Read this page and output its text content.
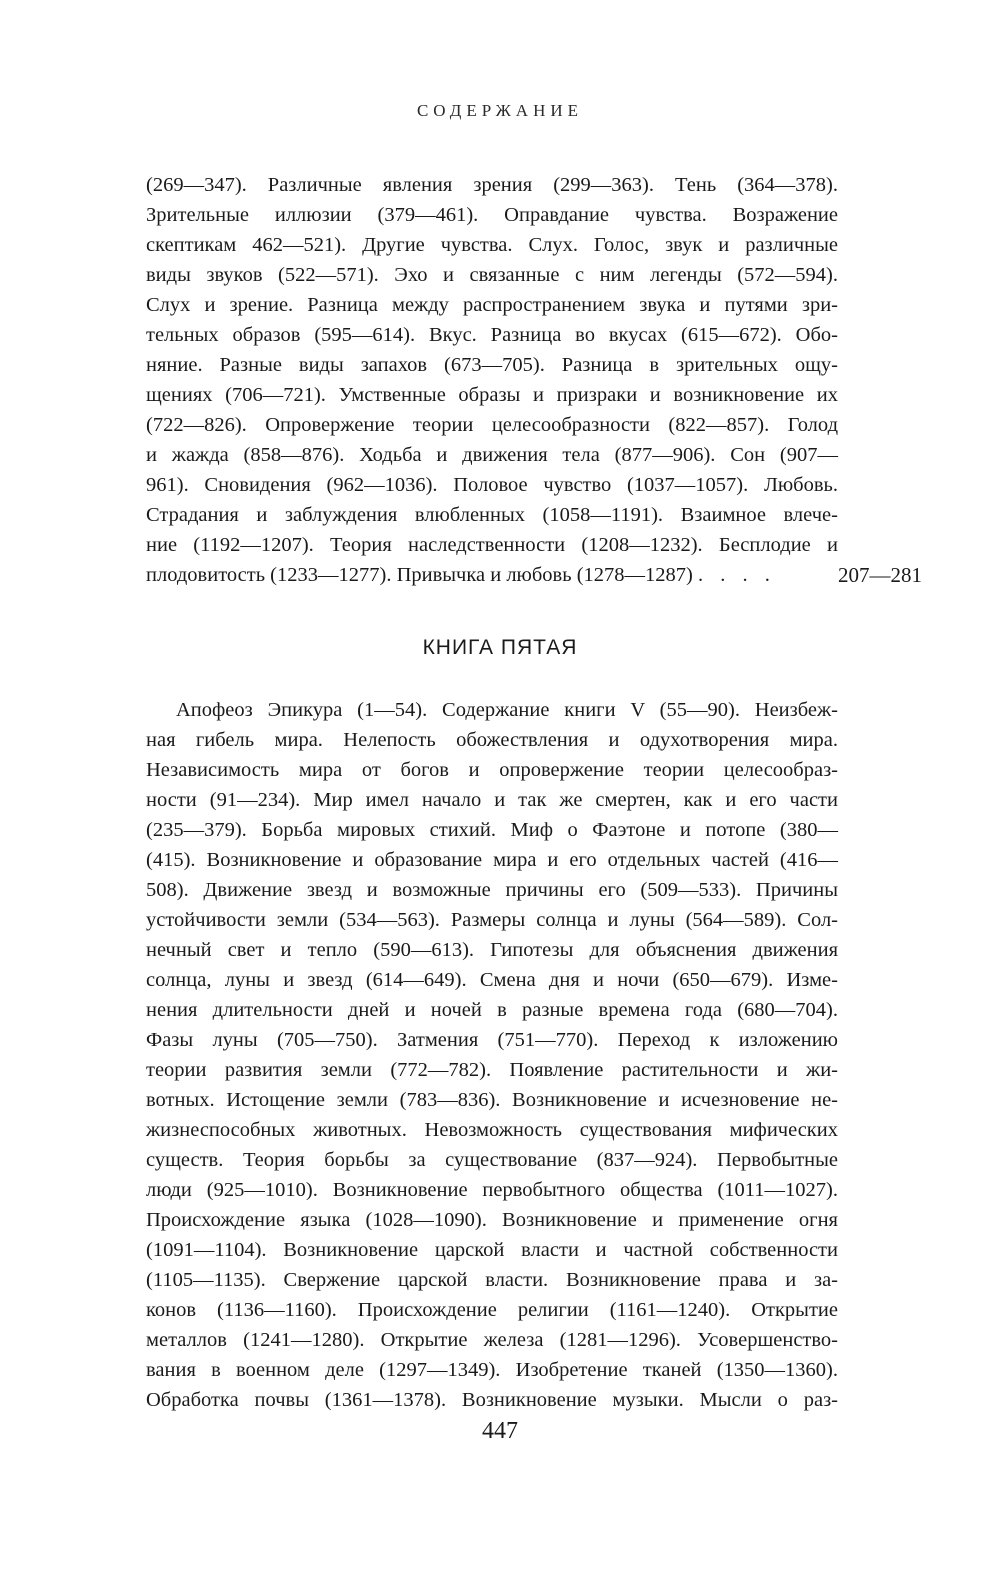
СОДЕРЖАНИЕ
(269—347). Различные явления зрения (299—363). Тень (364—378).
Зрительные иллюзии (379—461). Оправдание чувства. Возражение
скептикам 462—521). Другие чувства. Слух. Голос, звук и различные
виды звуков (522—571). Эхо и связанные с ним легенды (572—594).
Слух и зрение. Разница между распространением звука и путями зри-
тельных образов (595—614). Вкус. Разница во вкусах (615—672). Обо-
няние. Разные виды запахов (673—705). Разница в зрительных ощу-
щениях (706—721). Умственные образы и призраки и возникновение их
(722—826). Опровержение теории целесообразности (822—857). Голод
и жажда (858—876). Ходьба и движения тела (877—906). Сон (907—
961). Сновидения (962—1036). Половое чувство (1037—1057). Любовь.
Страдания и заблуждения влюбленных (1058—1191). Взаимное влече-
ние (1192—1207). Теория наследственности (1208—1232). Бесплодие и
плодовитость (1233—1277). Привычка и любовь (1278—1287) . . . .	207—281
КНИГА ПЯТАЯ
Апофеоз Эпикура (1—54). Содержание книги V (55—90). Неизбеж-
ная гибель мира. Нелепость обожествления и одухотворения мира.
Независимость мира от богов и опровержение теории целесообраз-
ности (91—234). Мир имел начало и так же смертен, как и его части
(235—379). Борьба мировых стихий. Миф о Фаэтоне и потопе (380—
(415). Возникновение и образование мира и его отдельных частей (416—
508). Движение звезд и возможные причины его (509—533). Причины
устойчивости земли (534—563). Размеры солнца и луны (564—589). Сол-
нечный свет и тепло (590—613). Гипотезы для объяснения движения
солнца, луны и звезд (614—649). Смена дня и ночи (650—679). Изме-
нения длительности дней и ночей в разные времена года (680—704).
Фазы луны (705—750). Затмения (751—770). Переход к изложению
теории развития земли (772—782). Появление растительности и жи-
вотных. Истощение земли (783—836). Возникновение и исчезновение не-
жизнеспособных животных. Невозможность существования мифических
существ. Теория борьбы за существование (837—924). Первобытные
люди (925—1010). Возникновение первобытного общества (1011—1027).
Происхождение языка (1028—1090). Возникновение и применение огня
(1091—1104). Возникновение царской власти и частной собственности
(1105—1135). Свержение царской власти. Возникновение права и за-
конов (1136—1160). Происхождение религии (1161—1240). Открытие
металлов (1241—1280). Открытие железа (1281—1296). Усовершенство-
вания в военном деле (1297—1349). Изобретение тканей (1350—1360).
Обработка почвы (1361—1378). Возникновение музыки. Мысли о раз-
447
